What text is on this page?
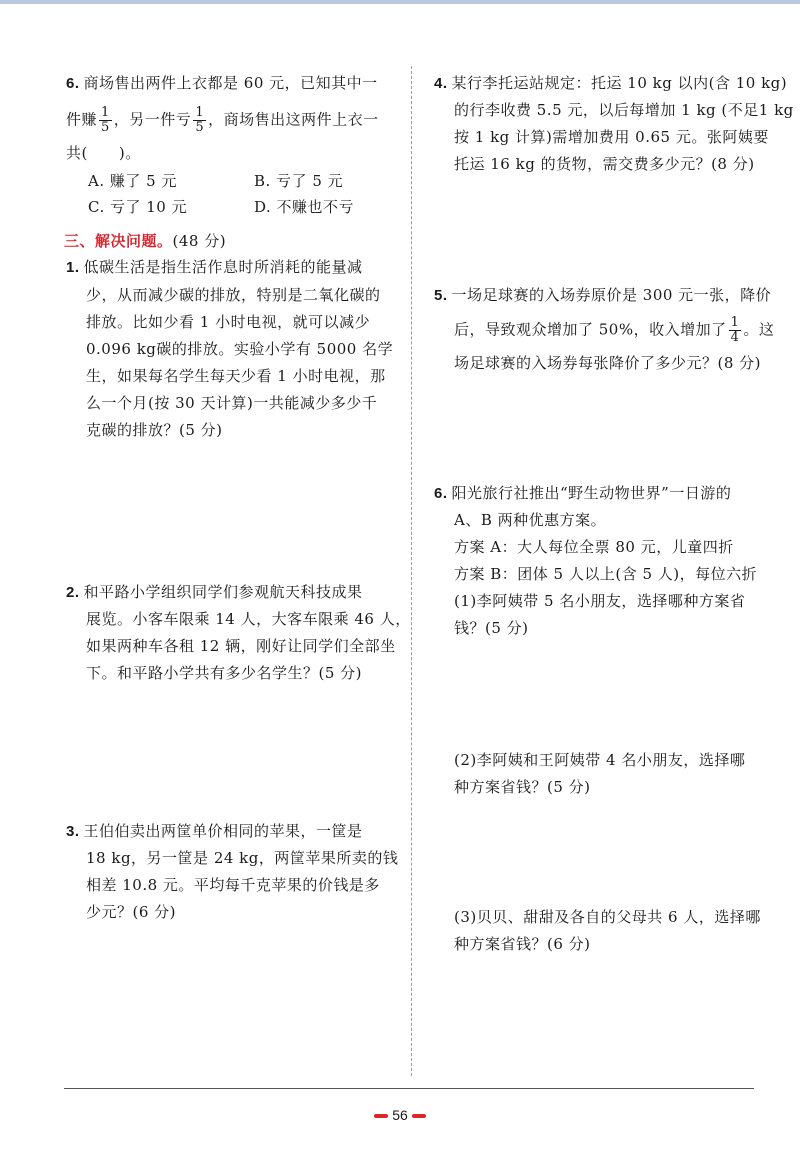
6. 商场售出两件上衣都是 60 元，已知其中一
件赚 $\frac{1}{5}$ ，另一件亏 $\frac{1}{5}$ ，商场售出这两件上衣一
共(　　)。
A. 赚了 5 元	B. 亏了 5 元
C. 亏了 10 元	D. 不赚也不亏
三、解决问题。(48 分)
1. 低碳生活是指生活作息时所消耗的能量减
少，从而减少碳的排放，特别是二氧化碳的
排放。比如少看 1 小时电视，就可以减少
0.096 kg碳的排放。实验小学有 5000 名学
生，如果每名学生每天少看 1 小时电视，那
么一个月(按 30 天计算)一共能减少多少千
克碳的排放？(5 分)
2. 和平路小学组织同学们参观航天科技成果
展览。小客车限乘 14 人，大客车限乘 46 人，
如果两种车各租 12 辆，刚好让同学们全部坐
下。和平路小学共有多少名学生？(5 分)
3. 王伯伯卖出两筐单价相同的苹果，一筐是
18 kg，另一筐是 24 kg，两筐苹果所卖的钱
相差 10.8 元。平均每千克苹果的价钱是多
少元？(6 分)
4. 某行李托运站规定：托运 10 kg 以内(含 10 kg)
的行李收费 5.5 元，以后每增加 1 kg (不足1 kg
按 1 kg 计算)需增加费用 0.65 元。张阿姨要
托运 16 kg 的货物，需交费多少元？(8 分)
5. 一场足球赛的入场券原价是 300 元一张，降价
后，导致观众增加了 50%，收入增加了 $\frac{1}{4}$ 。这
场足球赛的入场券每张降价了多少元？(8 分)
6. 阳光旅行社推出“野生动物世界”一日游的
A、B 两种优惠方案。
方案 A：大人每位全票 80 元，儿童四折
方案 B：团体 5 人以上(含 5 人)，每位六折
(1)李阿姨带 5 名小朋友，选择哪种方案省
钱？(5 分)
(2)李阿姨和王阿姨带 4 名小朋友，选择哪
种方案省钱？(5 分)
(3)贝贝、甜甜及各自的父母共 6 人，选择哪
种方案省钱？(6 分)
56
